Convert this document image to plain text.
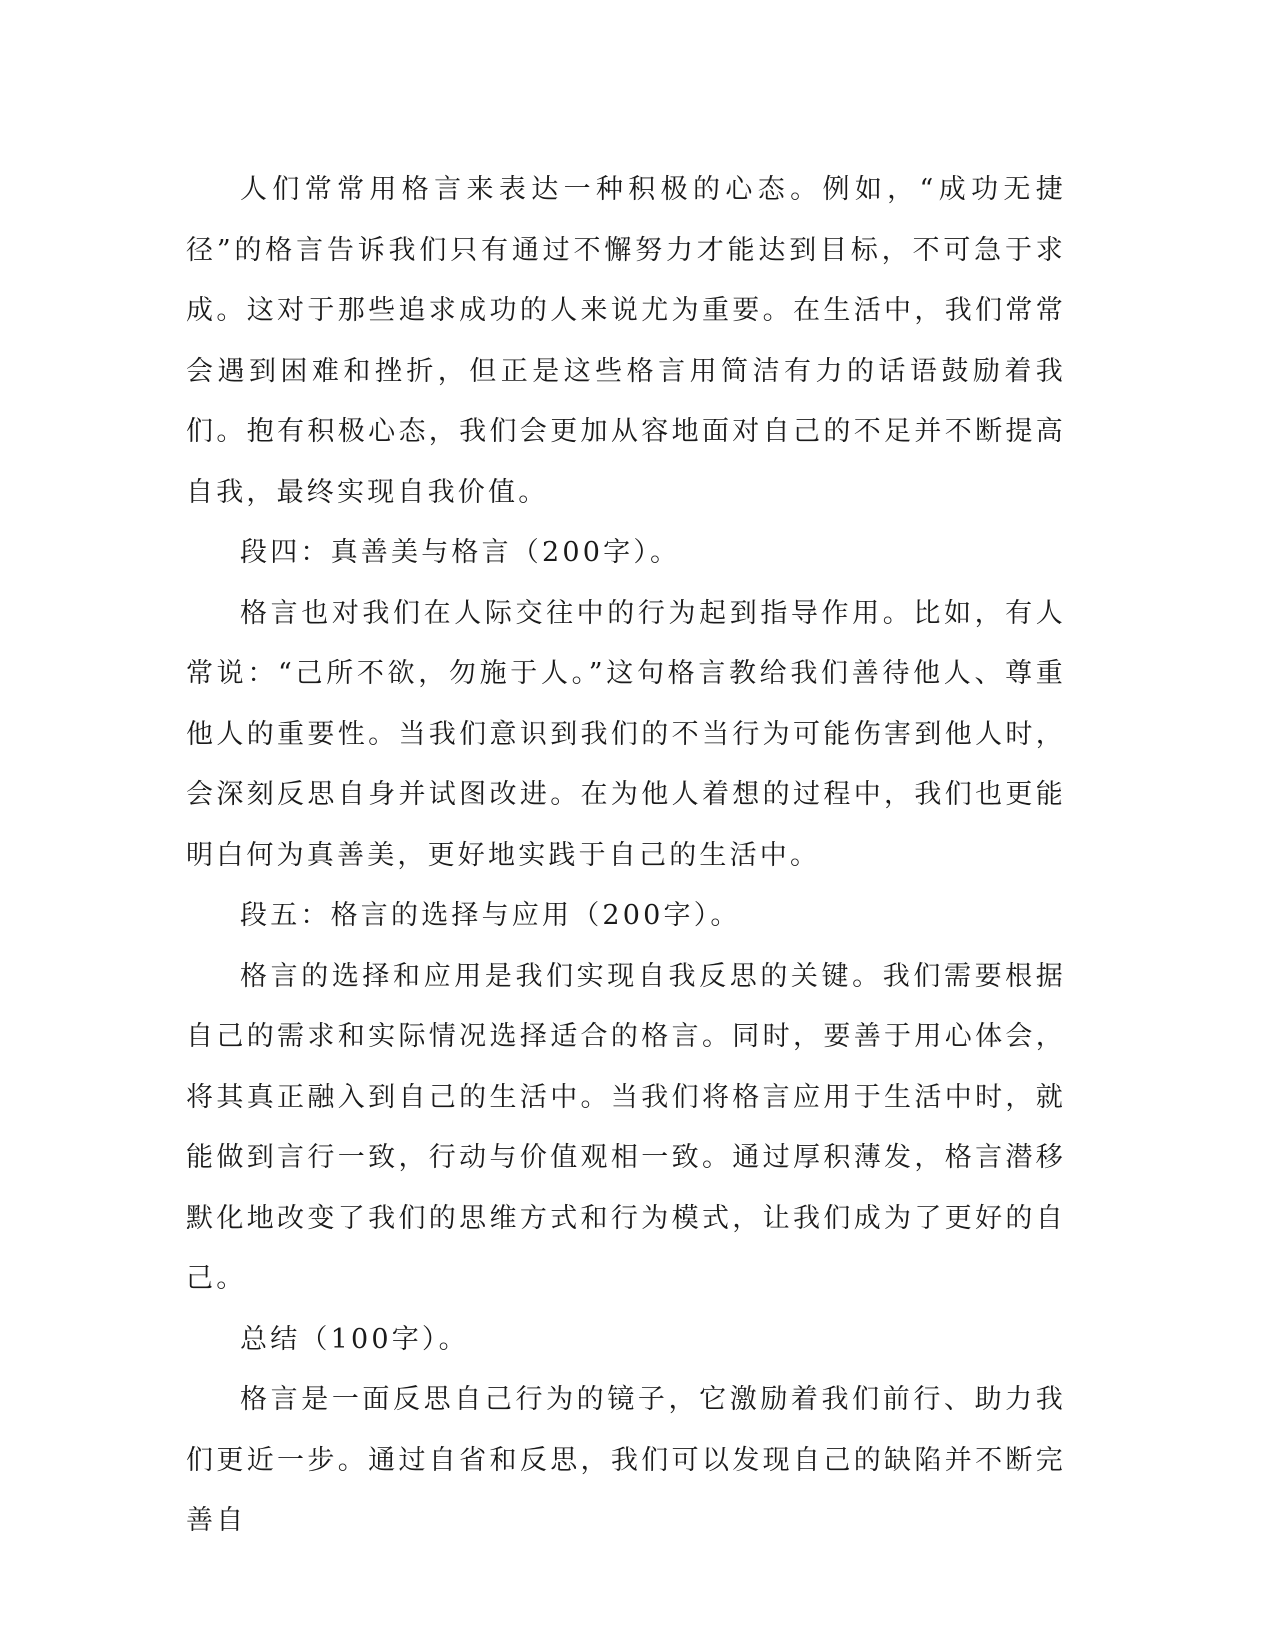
人们常常用格言来表达一种积极的心态。例如，“成功无捷径”的格言告诉我们只有通过不懈努力才能达到目标，不可急于求成。这对于那些追求成功的人来说尤为重要。在生活中，我们常常会遇到困难和挫折，但正是这些格言用简洁有力的话语鼓励着我们。抱有积极心态，我们会更加从容地面对自己的不足并不断提高自我，最终实现自我价值。

段四：真善美与格言（200字）。

格言也对我们在人际交往中的行为起到指导作用。比如，有人常说：“己所不欲，勿施于人。”这句格言教给我们善待他人、尊重他人的重要性。当我们意识到我们的不当行为可能伤害到他人时，会深刻反思自身并试图改进。在为他人着想的过程中，我们也更能明白何为真善美，更好地实践于自己的生活中。

段五：格言的选择与应用（200字）。

格言的选择和应用是我们实现自我反思的关键。我们需要根据自己的需求和实际情况选择适合的格言。同时，要善于用心体会，将其真正融入到自己的生活中。当我们将格言应用于生活中时，就能做到言行一致，行动与价值观相一致。通过厚积薄发，格言潜移默化地改变了我们的思维方式和行为模式，让我们成为了更好的自己。

总结（100字）。

格言是一面反思自己行为的镜子，它激励着我们前行、助力我们更近一步。通过自省和反思，我们可以发现自己的缺陷并不断完善自
